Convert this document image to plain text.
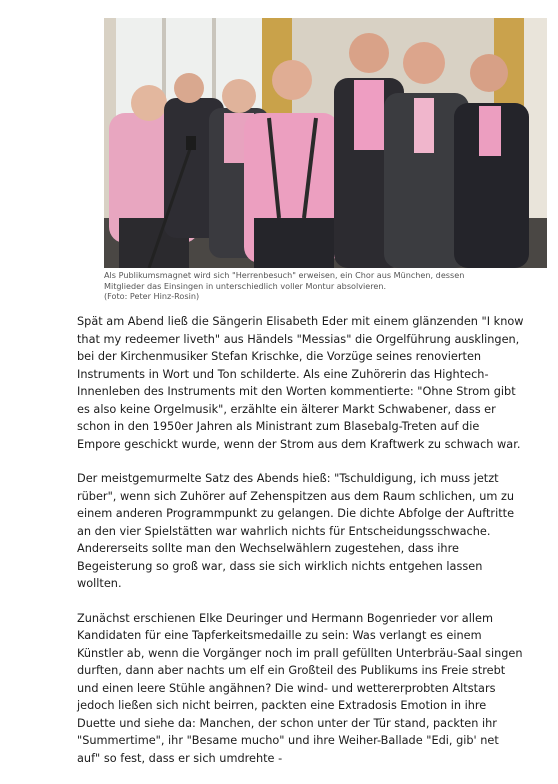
Als Publikumsmagnet wird sich "Herrenbesuch" erweisen, ein Chor aus München, dessen

Mitglieder das Einsingen in unterschiedlich voller Montur absolvieren.

(Foto: Peter Hinz-Rosin)

Spät am Abend ließ die Sängerin Elisabeth Eder mit einem glänzenden "I know that my redeemer liveth" aus Händels "Messias" die Orgelführung ausklingen, bei der Kirchenmusiker Stefan Krischke, die Vorzüge seines renovierten Instruments in Wort und Ton schilderte. Als eine Zuhörerin das Hightech-Innenleben des Instruments mit den Worten kommentierte: "Ohne Strom gibt es also keine Orgelmusik", erzählte ein älterer Markt Schwabener, dass er schon in den 1950er Jahren als Ministrant zum Blasebalg-Treten auf die Empore geschickt wurde, wenn der Strom aus dem Kraftwerk zu schwach war.

Der meistgemurmelte Satz des Abends hieß: "Tschuldigung, ich muss jetzt rüber", wenn sich Zuhörer auf Zehenspitzen aus dem Raum schlichen, um zu einem anderen Programmpunkt zu gelangen. Die dichte Abfolge der Auftritte an den vier Spielstätten war wahrlich nichts für Entscheidungsschwache. Andererseits sollte man den Wechselwählern zugestehen, dass ihre Begeisterung so groß war, dass sie sich wirklich nichts entgehen lassen wollten.

Zunächst erschienen Elke Deuringer und Hermann Bogenrieder vor allem Kandidaten für eine Tapferkeitsmedaille zu sein: Was verlangt es einem Künstler ab, wenn die Vorgänger noch im prall gefüllten Unterbräu-Saal singen durften, dann aber nachts um elf ein Großteil des Publikums ins Freie strebt und einen leere Stühle angähnen? Die wind- und wettererprobten Altstars jedoch ließen sich nicht beirren, packten eine Extradosis Emotion in ihre Duette und siehe da: Manchen, der schon unter der Tür stand, packten ihr "Summertime", ihr "Besame mucho" und ihre Weiher-Ballade "Edi, gib' net auf" so fest, dass er sich umdrehte -
